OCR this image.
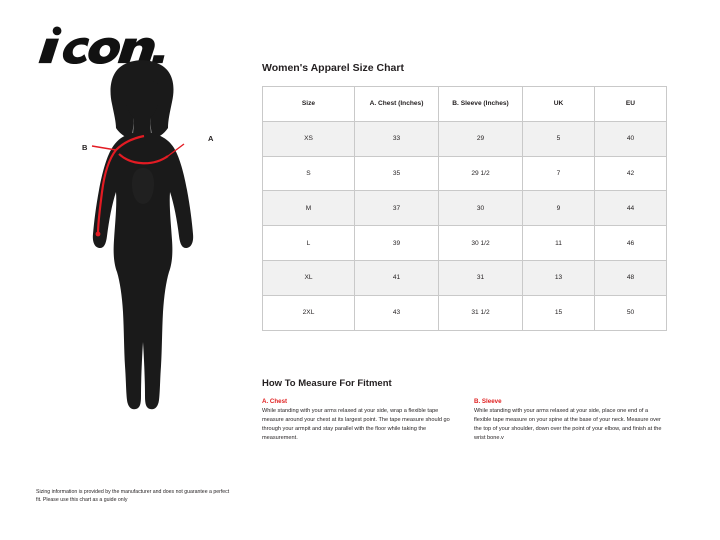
A
B
Sizing information is provided by the manufacturer and does not guarantee a perfect fit. Please use this chart as a guide only
Women's Apparel Size Chart
Size	A. Chest (Inches)	B. Sleeve (Inches)	UK	EU
XS	33	29	5	40
S	35	29 1/2	7	42
M	37	30	9	44
L	39	30 1/2	11	46
XL	41	31	13	48
2XL	43	31 1/2	15	50
How To Measure For Fitment
A. Chest
While standing with your arms relaxed at your side, wrap a flexible tape measure around your chest at its largest point. The tape measure should go through your armpit and stay parallel with the floor while taking the measurement.
B. Sleeve
While standing with your arms relaxed at your side, place one end of a flexible tape measure on your spine at the base of your neck. Measure over the top of your shoulder, down over the point of your elbow, and finish at the wrist bone.v
